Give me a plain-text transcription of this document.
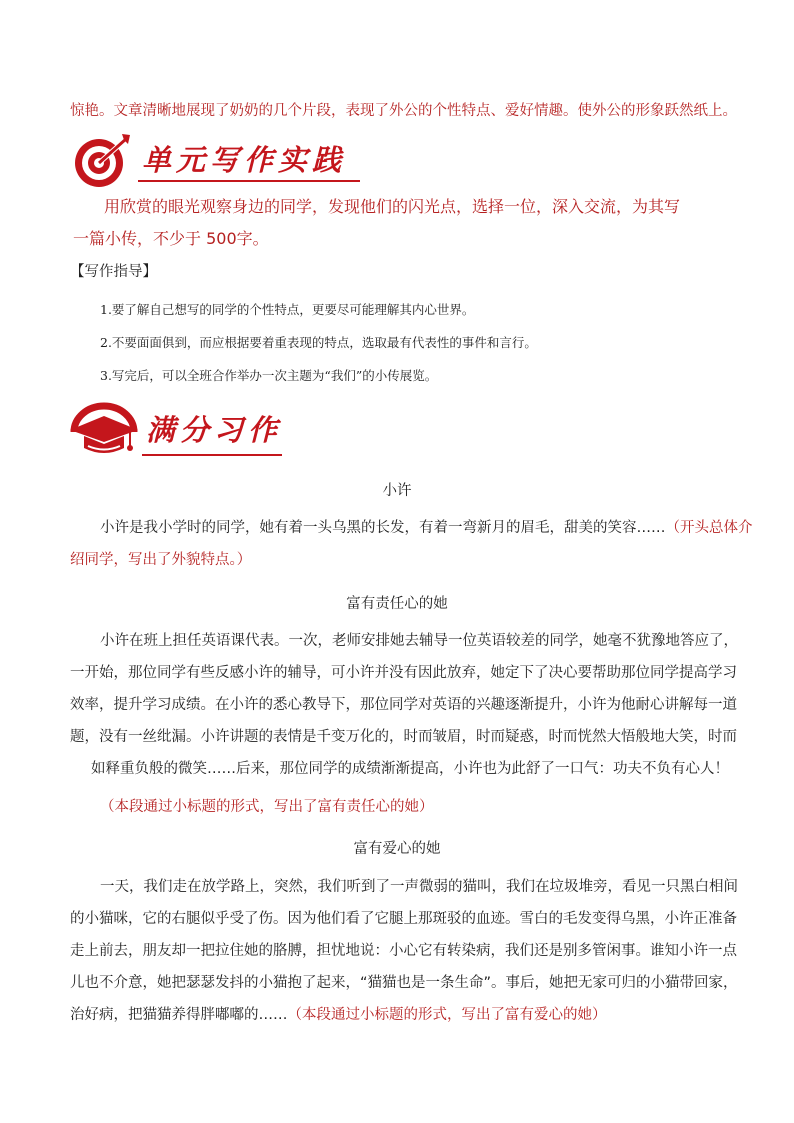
惊艳。文章清晰地展现了奶奶的几个片段，表现了外公的个性特点、爱好情趣。使外公的形象跃然纸上。
单元写作实践
用欣赏的眼光观察身边的同学，发现他们的闪光点，选择一位，深入交流，为其写
一篇小传，不少于 500字。
【写作指导】
1.要了解自己想写的同学的个性特点，更要尽可能理解其内心世界。
2.不要面面俱到，而应根据要着重表现的特点，选取最有代表性的事件和言行。
3.写完后，可以全班合作举办一次主题为“我们”的小传展览。
满分习作
小许
小许是我小学时的同学，她有着一头乌黑的长发，有着一弯新月的眉毛，甜美的笑容……（开头总体介
绍同学，写出了外貌特点。）
富有责任心的她
小许在班上担任英语课代表。一次，老师安排她去辅导一位英语较差的同学，她毫不犹豫地答应了，
一开始，那位同学有些反感小许的辅导，可小许并没有因此放弃，她定下了决心要帮助那位同学提高学习
效率，提升学习成绩。在小许的悉心教导下，那位同学对英语的兴趣逐渐提升，小许为他耐心讲解每一道
题，没有一丝纰漏。小许讲题的表情是千变万化的，时而皱眉，时而疑惑，时而恍然大悟般地大笑，时而
如释重负般的微笑……后来，那位同学的成绩渐渐提高，小许也为此舒了一口气：功夫不负有心人！
（本段通过小标题的形式，写出了富有责任心的她）
富有爱心的她
一天，我们走在放学路上，突然，我们听到了一声微弱的猫叫，我们在垃圾堆旁，看见一只黑白相间
的小猫咪，它的右腿似乎受了伤。因为他们看了它腿上那斑驳的血迹。雪白的毛发变得乌黑，小许正准备
走上前去，朋友却一把拉住她的胳膊，担忧地说：小心它有转染病，我们还是别多管闲事。谁知小许一点
儿也不介意，她把瑟瑟发抖的小猫抱了起来，“猫猫也是一条生命”。事后，她把无家可归的小猫带回家，
治好病，把猫猫养得胖嘟嘟的……（本段通过小标题的形式，写出了富有爱心的她）
